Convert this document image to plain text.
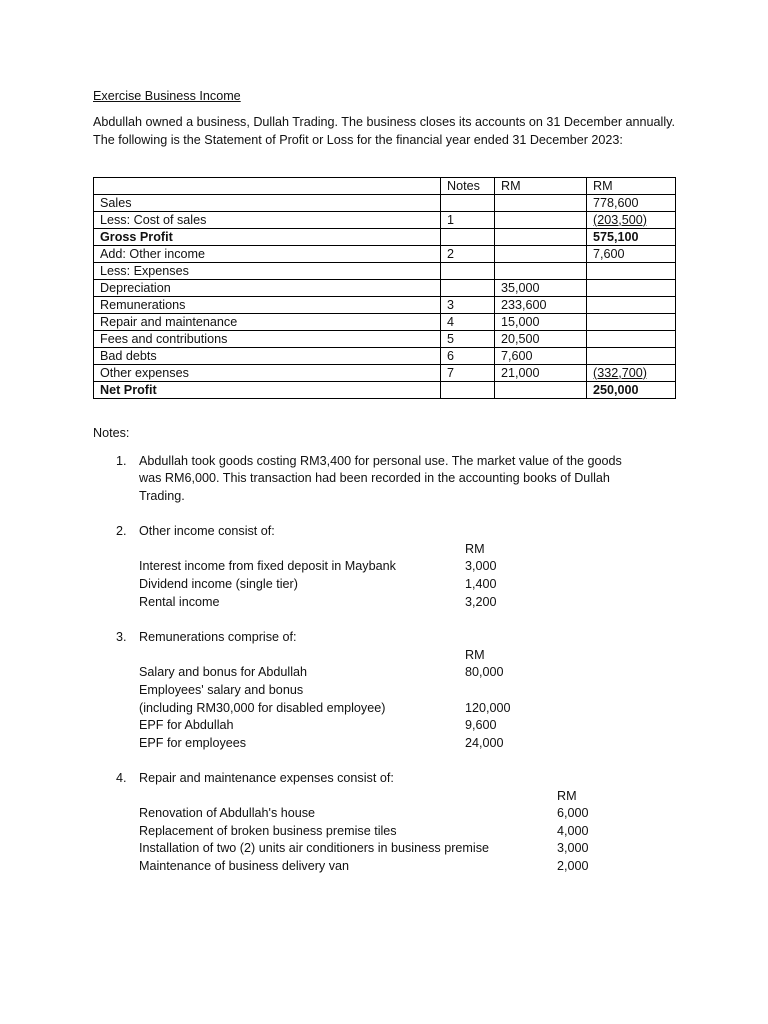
Exercise Business Income
Abdullah owned a business, Dullah Trading. The business closes its accounts on 31 December annually. The following is the Statement of Profit or Loss for the financial year ended 31 December 2023:
	Notes	RM	RM
Sales			778,600
Less: Cost of sales	1		(203,500)
Gross Profit			575,100
Add: Other income	2		7,600
Less: Expenses			
Depreciation		35,000	
Remunerations	3	233,600	
Repair and maintenance	4	15,000	
Fees and contributions	5	20,500	
Bad debts	6	7,600	
Other expenses	7	21,000	(332,700)
Net Profit			250,000
Notes:
1. Abdullah took goods costing RM3,400 for personal use. The market value of the goods
was RM6,000. This transaction had been recorded in the accounting books of Dullah
Trading.
2. Other income consist of:
RM
Interest income from fixed deposit in Maybank	3,000
Dividend income (single tier)	1,400
Rental income	3,200
3. Remunerations comprise of:
RM
Salary and bonus for Abdullah	80,000
Employees' salary and bonus
(including RM30,000 for disabled employee)	120,000
EPF for Abdullah	9,600
EPF for employees	24,000
4. Repair and maintenance expenses consist of:
RM
Renovation of Abdullah's house	6,000
Replacement of broken business premise tiles	4,000
Installation of two (2) units air conditioners in business premise	3,000
Maintenance of business delivery van	2,000
